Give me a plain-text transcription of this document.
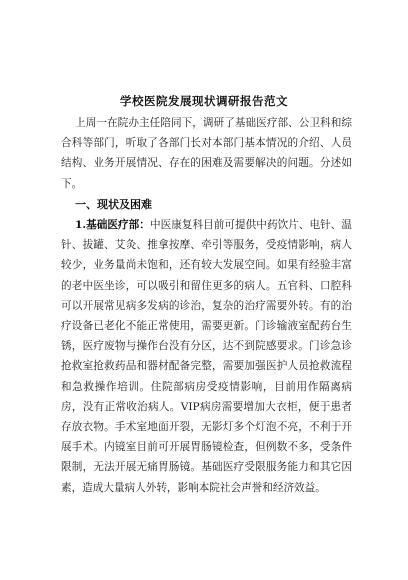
学校医院发展现状调研报告范文
上周一在院办主任陪同下，调研了基础医疗部、公卫科和综合科等部门，听取了各部门长对本部门基本情况的介绍、人员结构、业务开展情况、存在的困难及需要解决的问题。分述如下。
一、现状及困难
1.基础医疗部：中医康复科目前可提供中药饮片、电针、温针、拔罐、艾灸、推拿按摩、牵引等服务，受疫情影响，病人较少，业务量尚未饱和，还有较大发展空间。如果有经验丰富的老中医坐诊，可以吸引和留住更多的病人。五官科、口腔科可以开展常见病多发病的诊治，复杂的治疗需要外转。有的治疗设备已老化不能正常使用，需要更新。门诊输液室配药台生锈，医疗废物与操作台没有分区，达不到院感要求。门诊急诊抢救室抢救药品和器材配备完整，需要加强医护人员抢救流程和急救操作培训。住院部病房受疫情影响，目前用作隔离病房，没有正常收治病人。VIP病房需要增加大衣柜，便于患者存放衣物。手术室地面开裂，无影灯多个灯泡不亮，不利于开展手术。内镜室目前可开展胃肠镜检查，但例数不多，受条件限制，无法开展无痛胃肠镜。基础医疗受限服务能力和其它因素，造成大量病人外转，影响本院社会声誉和经济效益。
